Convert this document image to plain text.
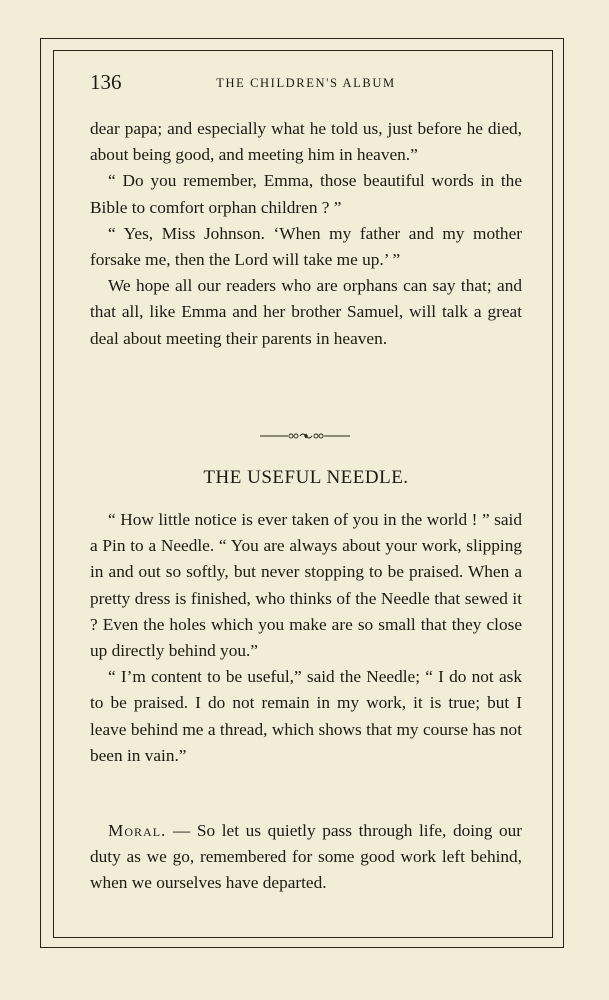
136	THE CHILDREN'S ALBUM

dear papa; and especially what he told us, just before he died, about being good, and meeting him in heaven.”

“ Do you remember, Emma, those beautiful words in the Bible to comfort orphan children ? ”

“ Yes, Miss Johnson. ‘When my father and my mother forsake me, then the Lord will take me up.’ ”

We hope all our readers who are orphans can say that; and that all, like Emma and her brother Samuel, will talk a great deal about meeting their parents in heaven.

THE USEFUL NEEDLE.

“ How little notice is ever taken of you in the world ! ” said a Pin to a Needle. “ You are always about your work, slipping in and out so softly, but never stopping to be praised. When a pretty dress is finished, who thinks of the Needle that sewed it ? Even the holes which you make are so small that they close up directly behind you.”

“ I’m content to be useful,” said the Needle; “ I do not ask to be praised. I do not remain in my work, it is true; but I leave behind me a thread, which shows that my course has not been in vain.”

Moral. — So let us quietly pass through life, doing our duty as we go, remembered for some good work left behind, when we ourselves have departed.
